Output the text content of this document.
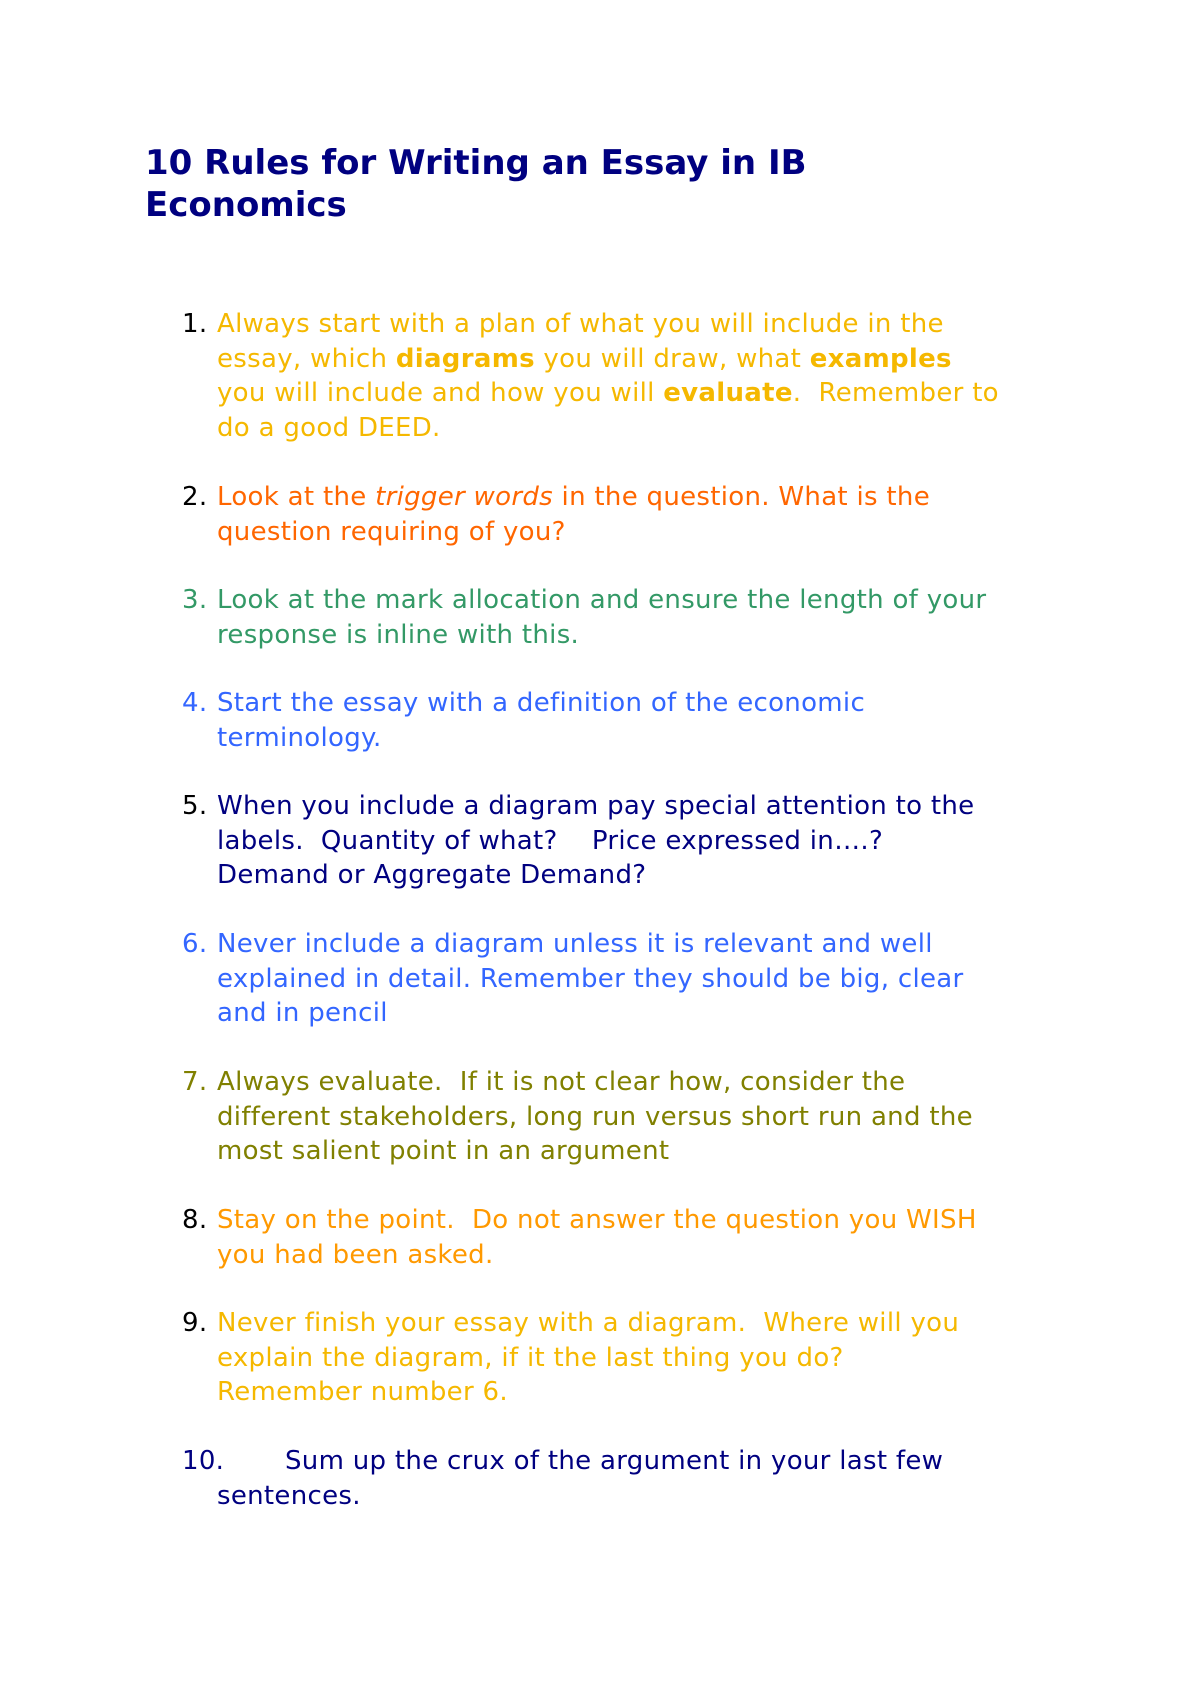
10 Rules for Writing an Essay in IB Economics
1. Always start with a plan of what you will include in the
essay, which diagrams you will draw, what examples
you will include and how you will evaluate.  Remember to
do a good DEED.
2. Look at the trigger words in the question. What is the
question requiring of you?
3. Look at the mark allocation and ensure the length of your
response is inline with this.
4. Start the essay with a definition of the economic
terminology.
5. When you include a diagram pay special attention to the
labels.  Quantity of what?    Price expressed in….?
Demand or Aggregate Demand?
6. Never include a diagram unless it is relevant and well
explained in detail. Remember they should be big, clear
and in pencil
7. Always evaluate.  If it is not clear how, consider the
different stakeholders, long run versus short run and the
most salient point in an argument
8. Stay on the point.  Do not answer the question you WISH
you had been asked.
9. Never finish your essay with a diagram.  Where will you
explain the diagram, if it the last thing you do?
Remember number 6.
10.	Sum up the crux of the argument in your last few
sentences.
